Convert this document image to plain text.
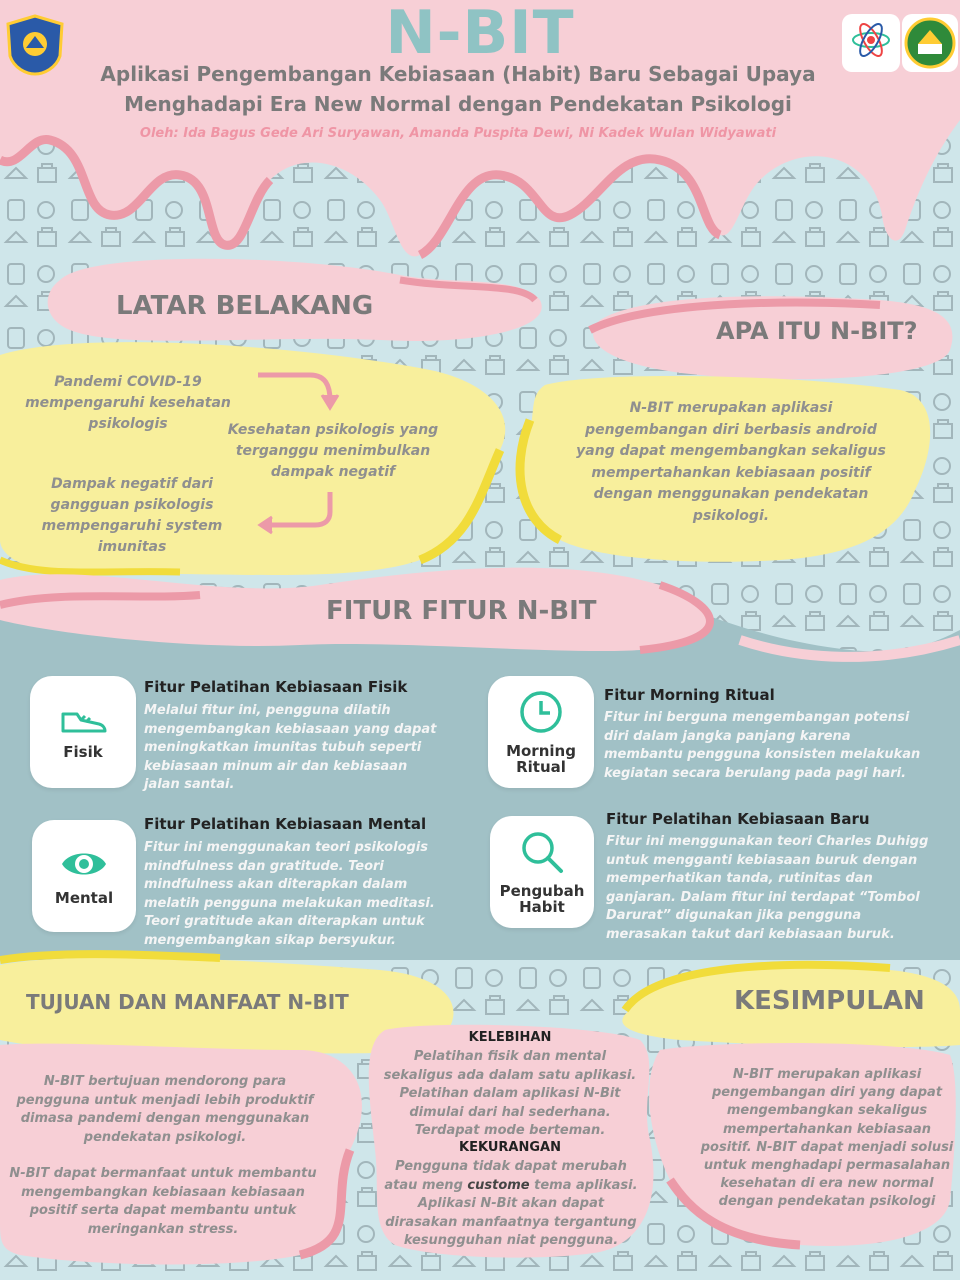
N-BIT
Aplikasi Pengembangan Kebiasaan (Habit) Baru Sebagai Upaya
Menghadapi Era New Normal dengan Pendekatan Psikologi
Oleh: Ida Bagus Gede Ari Suryawan, Amanda Puspita Dewi, Ni Kadek Wulan Widyawati
LATAR BELAKANG
Pandemi COVID-19 mempengaruhi kesehatan psikologis	Kesehatan psikologis yang terganggu menimbulkan dampak negatif
Dampak negatif dari gangguan psikologis mempengaruhi system imunitas
APA ITU N-BIT?
N-BIT merupakan aplikasi pengembangan diri berbasis android yang dapat mengembangkan sekaligus mempertahankan kebiasaan positif dengan menggunakan pendekatan psikologi.
FITUR FITUR N-BIT
Fisik	Morning Ritual
Mental	Pengubah Habit
Fitur Pelatihan Kebiasaan Fisik
Melalui fitur ini, pengguna dilatih mengembangkan kebiasaan yang dapat meningkatkan imunitas tubuh seperti kebiasaan minum air dan kebiasaan jalan santai.
Fitur Morning Ritual
Fitur ini berguna mengembangan potensi diri dalam jangka panjang karena membantu pengguna konsisten melakukan kegiatan secara berulang pada pagi hari.
Fitur Pelatihan Kebiasaan Mental
Fitur ini menggunakan teori psikologis mindfulness dan gratitude. Teori mindfulness akan diterapkan dalam melatih pengguna melakukan meditasi. Teori gratitude akan diterapkan untuk mengembangkan sikap bersyukur.
Fitur Pelatihan Kebiasaan Baru
Fitur ini menggunakan teori Charles Duhigg untuk mengganti kebiasaan buruk dengan memperhatikan tanda, rutinitas dan ganjaran. Dalam fitur ini terdapat “Tombol Darurat” digunakan jika pengguna merasakan takut dari kebiasaan buruk.
TUJUAN DAN MANFAAT N-BIT
N-BIT bertujuan mendorong para pengguna untuk menjadi lebih produktif dimasa pandemi dengan menggunakan pendekatan psikologi.
N-BIT dapat bermanfaat untuk membantu mengembangkan kebiasaan kebiasaan positif serta dapat membantu untuk meringankan stress.
KELEBIHAN
Pelatihan fisik dan mental sekaligus ada dalam satu aplikasi. Pelatihan dalam aplikasi N-Bit dimulai dari hal sederhana.
Terdapat mode berteman.
KEKURANGAN
Pengguna tidak dapat merubah atau meng custome tema aplikasi. Aplikasi N-Bit akan dapat dirasakan manfaatnya tergantung kesungguhan niat pengguna.
KESIMPULAN
N-BIT merupakan aplikasi pengembangan diri yang dapat mengembangkan sekaligus mempertahankan kebiasaan positif. N-BIT dapat menjadi solusi untuk menghadapi permasalahan kesehatan di era new normal dengan pendekatan psikologi
